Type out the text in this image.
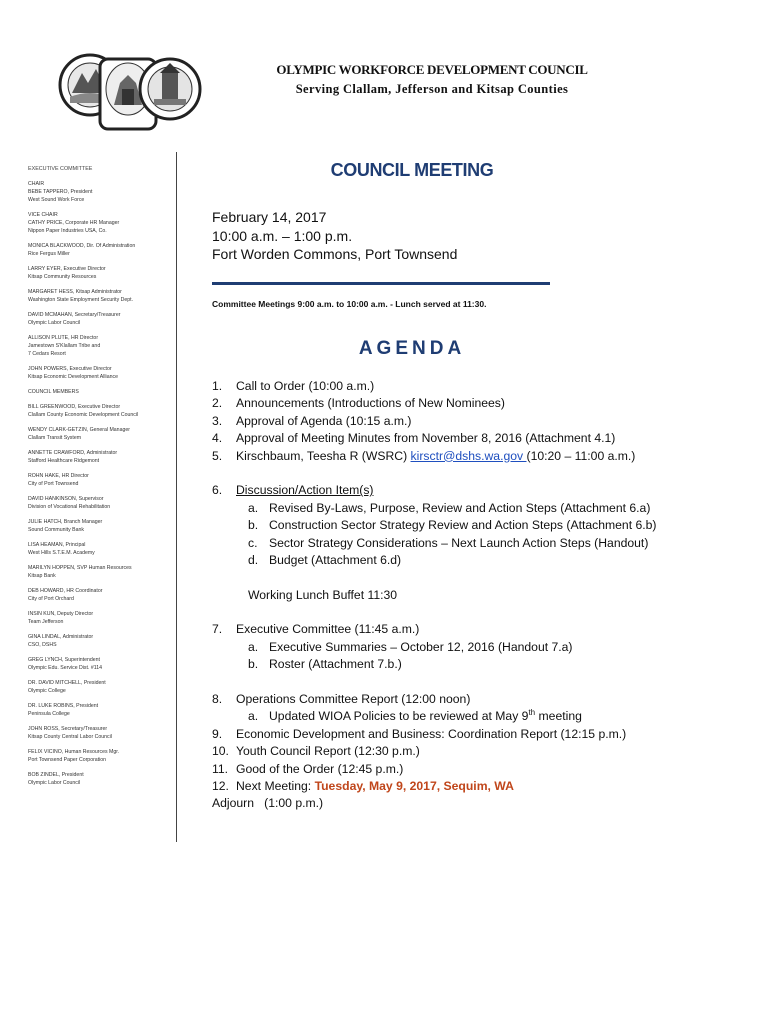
OLYMPIC WORKFORCE DEVELOPMENT COUNCIL
Serving Clallam, Jefferson and Kitsap Counties
EXECUTIVE COMMITTEE
CHAIR
BEBE TAPPERO, President
West Sound Work Force
VICE CHAIR
CATHY PRICE, Corporate HR Manager
Nippon Paper Industries USA, Co.
MONICA BLACKWOOD, Dir. Of Administration
Rice Fergus Miller
LARRY EYER, Executive Director
Kitsap Community Resources
MARGARET HESS, Kitsap Administrator
Washington State Employment Security Dept.
DAVID MCMAHAN, Secretary/Treasurer
Olympic Labor Council
ALLISON PLUTE, HR Director
Jamestown S'Klallam Tribe and
7 Cedars Resort
JOHN POWERS, Executive Director
Kitsap Economic Development Alliance
COUNCIL MEMBERS
BILL GREENWOOD, Executive Director
Clallam County Economic Development Council
WENDY CLARK-GETZIN, General Manager
Clallam Transit System
ANNETTE CRAWFORD, Administrator
Stafford Healthcare Ridgemont
ROHN HAKE, HR Director
City of Port Townsend
DAVID HANKINSON, Supervisor
Division of Vocational Rehabilitation
JULIE HATCH, Branch Manager
Sound Community Bank
LISA HEAMAN, Principal
West Hills S.T.E.M. Academy
MARILYN HOPPEN, SVP Human Resources
Kitsap Bank
DEB HOWARD, HR Coordinator
City of Port Orchard
INSIN KUN, Deputy Director
Team Jefferson
GINA LINDAL, Administrator
CSO, DSHS
GREG LYNCH, Superintendent
Olympic Edu. Service Dist. #114
DR. DAVID MITCHELL, President
Olympic College
DR. LUKE ROBINS, President
Peninsula College
JOHN ROSS, Secretary/Treasurer
Kitsap County Central Labor Council
FELIX VICINO, Human Resources Mgr.
Port Townsend Paper Corporation
BOB ZINDEL, President
Olympic Labor Council
COUNCIL MEETING
February 14, 2017
10:00 a.m. – 1:00 p.m.
Fort Worden Commons, Port Townsend
Committee Meetings 9:00 a.m. to 10:00 a.m. - Lunch served at 11:30.
AGENDA
1. Call to Order (10:00 a.m.)
2. Announcements (Introductions of New Nominees)
3. Approval of Agenda (10:15 a.m.)
4. Approval of Meeting Minutes from November 8, 2016 (Attachment 4.1)
5. Kirschbaum, Teesha R (WSRC) kirsctr@dshs.wa.gov (10:20 – 11:00 a.m.)
6. Discussion/Action Item(s)
a. Revised By-Laws, Purpose, Review and Action Steps (Attachment 6.a)
b. Construction Sector Strategy Review and Action Steps (Attachment 6.b)
c. Sector Strategy Considerations – Next Launch Action Steps (Handout)
d. Budget (Attachment 6.d)
Working Lunch Buffet 11:30
7. Executive Committee (11:45 a.m.)
a. Executive Summaries – October 12, 2016 (Handout 7.a)
b. Roster (Attachment 7.b.)
8. Operations Committee Report (12:00 noon)
a. Updated WIOA Policies to be reviewed at May 9th meeting
9. Economic Development and Business: Coordination Report (12:15 p.m.)
10. Youth Council Report (12:30 p.m.)
11. Good of the Order (12:45 p.m.)
12. Next Meeting: Tuesday, May 9, 2017, Sequim, WA
Adjourn   (1:00 p.m.)
